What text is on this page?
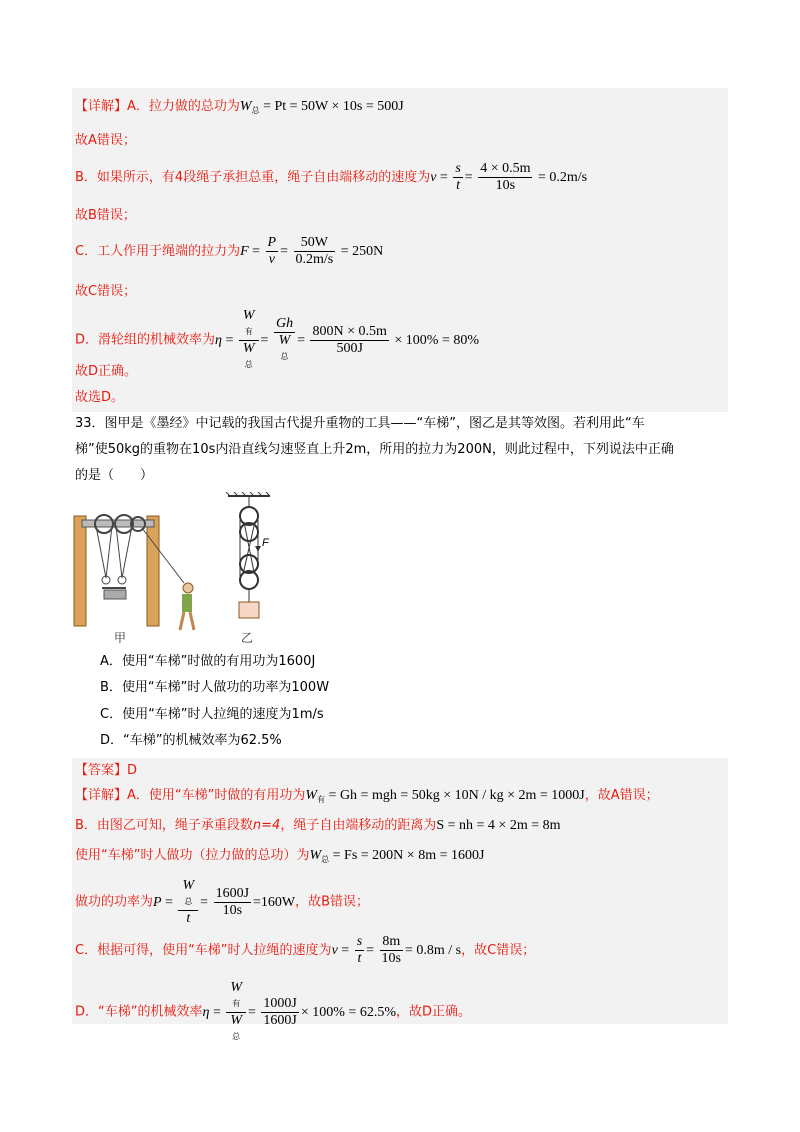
【详解】A．拉力做的总功为$W_总 = Pt = 50W \times 10s = 500J$
故A错误；
B．如果所示，有4段绳子承担总重，绳子自由端移动的速度为$v = \frac{s}{t} = \frac{4 \times 0.5m}{10s} = 0.2m/s$
故B错误；
C．工人作用于绳端的拉力为$F = \frac{P}{v} = \frac{50W}{0.2m/s} = 250N$
故C错误；
D．滑轮组的机械效率为η = W
有
W
总 = Gh
W
总 = $\frac{800N \times 0.5m}{500J} \times 100\% = 80\%$
故D正确。
故选D。
33．图甲是《墨经》中记载的我国古代提升重物的工具——“车梯”，图乙是其等效图。若利用此“车
梯”使50kg的重物在10s内沿直线匀速竖直上升2m，所用的拉力为200N，则此过程中，下列说法中正确
的是（　　）
甲
F
乙
A．使用“车梯”时做的有用功为1600J
B．使用“车梯”时人做功的功率为100W
C．使用“车梯”时人拉绳的速度为1m/s
D．“车梯”的机械效率为62.5%
【答案】D
【详解】A．使用“车梯”时做的有用功为$W_有 = Gh$ = mgh = 50kg × 10N / kg × 2m = 1000J，故A错误；
B．由图乙可知，绳子承重段数n=4，绳子自由端移动的距离为S = nh = 4 × 2m = 8m
使用“车梯”时人做功（拉力做的总功）为$W_总 = Fs = 200N \times 8m = 1600J$
做功的功率为P = W
总
$t = \frac{1600J}{10s} =160W$，故B错误；
C．根据可得，使用“车梯”时人拉绳的速度为$v = \frac{s}{t} = \frac{8m}{10s} = 0.8m / s$，故C错误；
D．“车梯”的机械效率η = W
有
W
总 = $\frac{1000J}{1600J} \times 100\% = 62.5\%$，故D正确。
